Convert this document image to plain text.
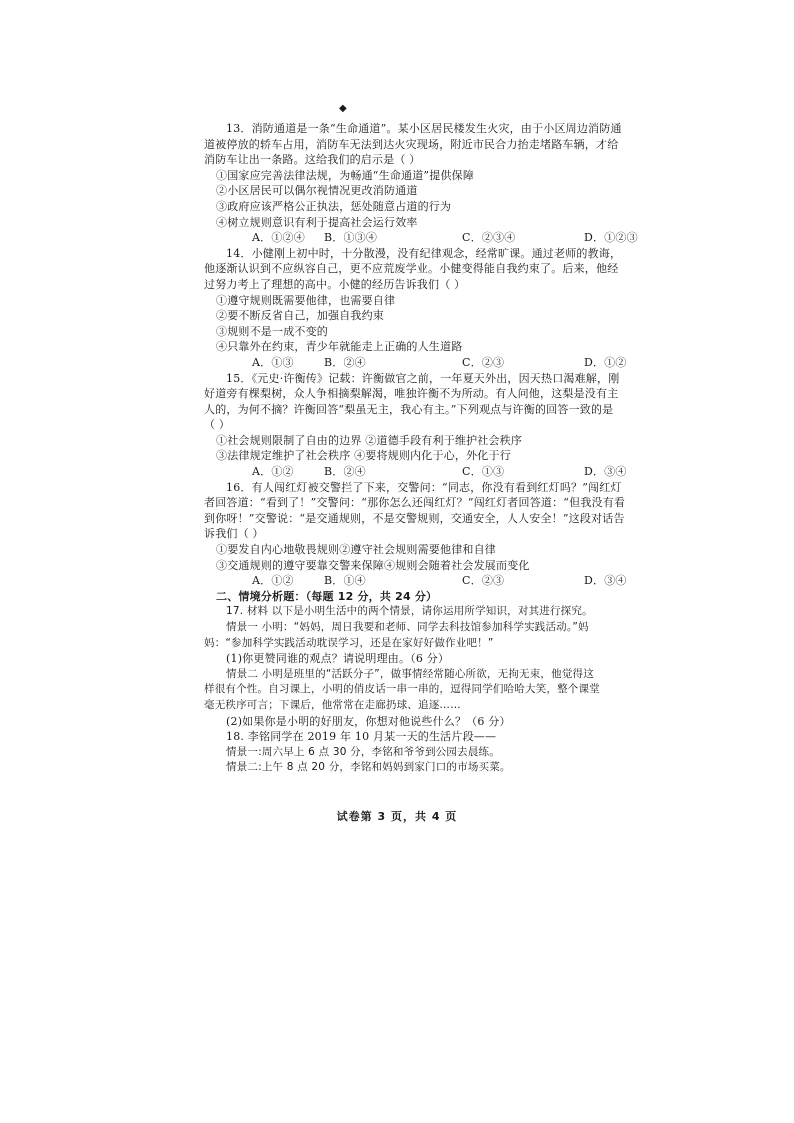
◆
13．消防通道是一条“生命通道”。某小区居民楼发生火灾，由于小区周边消防通
道被停放的轿车占用，消防车无法到达火灾现场，附近市民合力抬走堵路车辆，才给
消防车让出一条路。这给我们的启示是（ ）
①国家应完善法律法规，为畅通“生命通道”提供保障
②小区居民可以偶尔视情况更改消防通道
③政府应该严格公正执法，惩处随意占道的行为
④树立规则意识有利于提高社会运行效率
A．①②④	B．①③④	C．②③④	D．①②③
14．小健刚上初中时，十分散漫，没有纪律观念，经常旷课。通过老师的教诲，
他逐渐认识到不应纵容自己，更不应荒废学业。小健变得能自我约束了。后来，他经
过努力考上了理想的高中。小健的经历告诉我们（ ）
①遵守规则既需要他律，也需要自律
②要不断反省自己，加强自我约束
③规则不是一成不变的
④只靠外在约束，青少年就能走上正确的人生道路
A．①③	B．②④	C．②③	D．①②
15．《元史·许衡传》记载：许衡做官之前，一年夏天外出，因天热口渴难解，刚
好道旁有棵梨树，众人争相摘梨解渴，唯独许衡不为所动。有人问他，这梨是没有主
人的，为何不摘？许衡回答“梨虽无主，我心有主。”下列观点与许衡的回答一致的是
（ ）
①社会规则限制了自由的边界 ②道德手段有利于维护社会秩序
③法律规定维护了社会秩序 ④要将规则内化于心，外化于行
A．①②	B．②④	C．①③	D．③④
16．有人闯红灯被交警拦了下来，交警问：“同志，你没有看到红灯吗？”闯红灯
者回答道：“看到了！”交警问：“那你怎么还闯红灯？”闯红灯者回答道：“但我没有看
到你呀！”交警说：“是交通规则，不是交警规则，交通安全，人人安全！”这段对话告
诉我们（ ）
①要发自内心地敬畏规则②遵守社会规则需要他律和自律
③交通规则的遵守要靠交警来保障④规则会随着社会发展而变化
A．①②	B．①④	C．②③	D．③④
二、情境分析题：（每题 12 分，共 24 分）
17. 材料 以下是小明生活中的两个情景，请你运用所学知识，对其进行探究。
情景一 小明：“妈妈，周日我要和老师、同学去科技馆参加科学实践活动。”妈
妈：“参加科学实践活动耽误学习，还是在家好好做作业吧！”
(1)你更赞同谁的观点？请说明理由。（6 分）
情景二 小明是班里的“活跃分子”，做事情经常随心所欲，无拘无束，他觉得这
样很有个性。自习课上，小明的俏皮话一串一串的，逗得同学们哈哈大笑，整个课堂
毫无秩序可言；下课后，他常常在走廊扔球、追逐……
(2)如果你是小明的好朋友，你想对他说些什么？（6 分）
18. 李铭同学在 2019 年 10 月某一天的生活片段——
情景一:周六早上 6 点 30 分，李铭和爷爷到公园去晨练。
情景二:上午 8 点 20 分，李铭和妈妈到家门口的市场买菜。
试卷第 3 页，共 4 页
